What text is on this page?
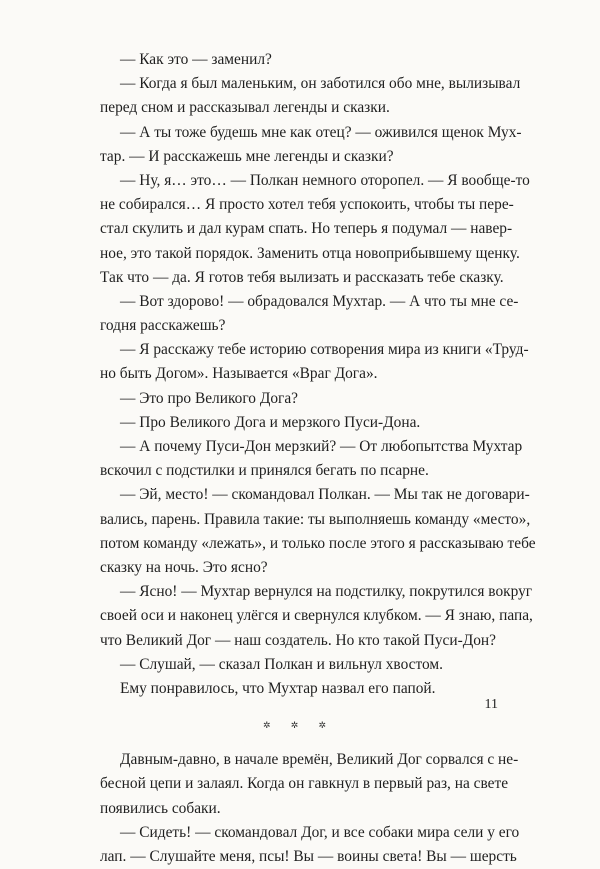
— Как это — заменил?
— Когда я был маленьким, он заботился обо мне, вылизывал
перед сном и рассказывал легенды и сказки.
— А ты тоже будешь мне как отец? — оживился щенок Мух-
тар. — И расскажешь мне легенды и сказки?
— Ну, я… это… — Полкан немного оторопел. — Я вообще-то
не собирался… Я просто хотел тебя успокоить, чтобы ты пере-
стал скулить и дал курам спать. Но теперь я подумал — навер-
ное, это такой порядок. Заменить отца новоприбывшему щенку.
Так что — да. Я готов тебя вылизать и рассказать тебе сказку.
— Вот здорово! — обрадовался Мухтар. — А что ты мне се-
годня расскажешь?
— Я расскажу тебе историю сотворения мира из книги «Труд-
но быть Догом». Называется «Враг Дога».
— Это про Великого Дога?
— Про Великого Дога и мерзкого Пуси-Дона.
— А почему Пуси-Дон мерзкий? — От любопытства Мухтар
вскочил с подстилки и принялся бегать по псарне.
— Эй, место! — скомандовал Полкан. — Мы так не договари-
вались, парень. Правила такие: ты выполняешь команду «место»,
потом команду «лежать», и только после этого я рассказываю тебе
сказку на ночь. Это ясно?
— Ясно! — Мухтар вернулся на подстилку, покрутился вокруг
своей оси и наконец улёгся и свернулся клубком. — Я знаю, папа,
что Великий Дог — наш создатель. Но кто такой Пуси-Дон?
— Слушай, — сказал Полкан и вильнул хвостом.
Ему понравилось, что Мухтар назвал его папой.
✲ ✲ ✲
Давным-давно, в начале времён, Великий Дог сорвался с не-
бесной цепи и залаял. Когда он гавкнул в первый раз, на свете
появились собаки.
— Сидеть! — скомандовал Дог, и все собаки мира сели у его
лап. — Слушайте меня, псы! Вы — воины света! Вы — шерсть
11
